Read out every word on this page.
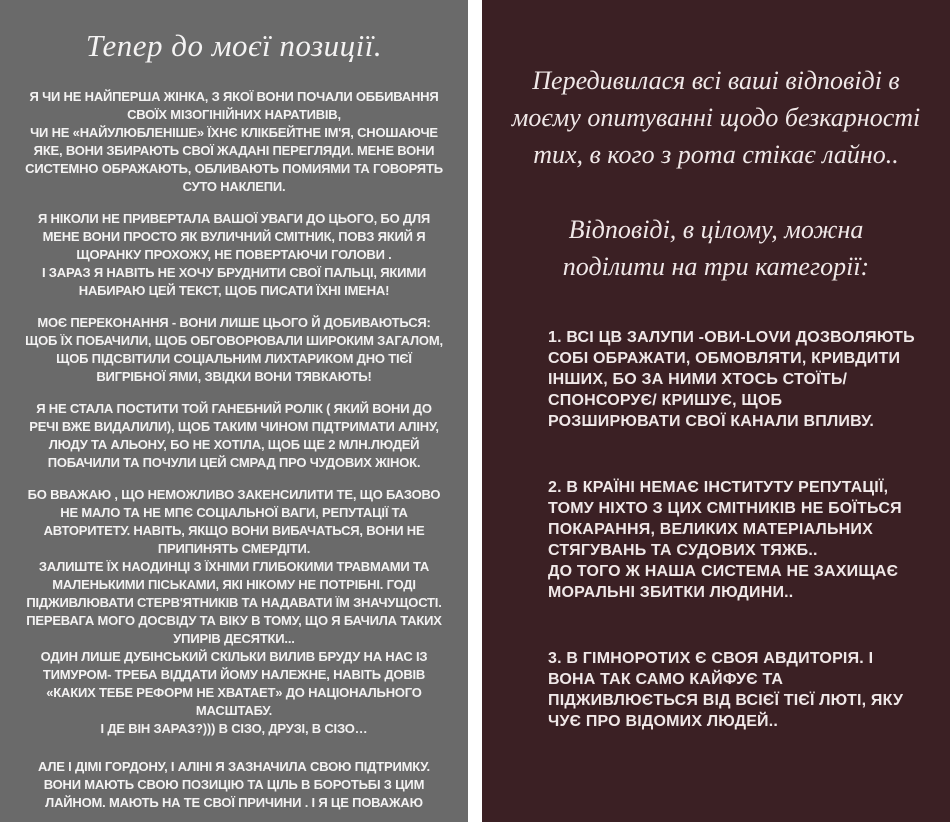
Тепер до моєї позиції.

Я ЧИ НЕ НАЙПЕРША ЖІНКА, З ЯКОЇ ВОНИ ПОЧАЛИ ОББИВАННЯ СВОЇХ МІЗОГІНІЙНИХ НАРАТИВІВ,
ЧИ НЕ «НАЙУЛЮБЛЕНІШЕ» ЇХНЄ КЛІКБЕЙТНЕ ІМ'Я, СНОШАЮЧЕ ЯКЕ, ВОНИ ЗБИРАЮТЬ СВОЇ ЖАДАНІ ПЕРЕГЛЯДИ. МЕНЕ ВОНИ СИСТЕМНО ОБРАЖАЮТЬ, ОБЛИВАЮТЬ ПОМИЯМИ ТА ГОВОРЯТЬ СУТО НАКЛЕПИ.

Я НІКОЛИ НЕ ПРИВЕРТАЛА ВАШОЇ УВАГИ ДО ЦЬОГО, БО ДЛЯ МЕНЕ ВОНИ ПРОСТО ЯК ВУЛИЧНИЙ СМІТНИК, ПОВЗ ЯКИЙ Я ЩОРАНКУ ПРОХОЖУ, НЕ ПОВЕРТАЮЧИ ГОЛОВИ .
І ЗАРАЗ Я НАВІТЬ НЕ ХОЧУ БРУДНИТИ СВОЇ ПАЛЬЦІ, ЯКИМИ НАБИРАЮ ЦЕЙ ТЕКСТ, ЩОБ ПИСАТИ ЇХНІ ІМЕНА!

МОЄ ПЕРЕКОНАННЯ - ВОНИ ЛИШЕ ЦЬОГО Й ДОБИВАЮТЬСЯ: ЩОБ ЇХ ПОБАЧИЛИ, ЩОБ ОБГОВОРЮВАЛИ ШИРОКИМ ЗАГАЛОМ, ЩОБ ПІДСВІТИЛИ СОЦІАЛЬНИМ ЛИХТАРИКОМ ДНО ТІЄЇ ВИГРІБНОЇ ЯМИ, ЗВІДКИ ВОНИ ТЯВКАЮТЬ!

Я НЕ СТАЛА ПОСТИТИ ТОЙ ГАНЕБНИЙ РОЛІК ( ЯКИЙ ВОНИ ДО РЕЧІ ВЖЕ ВИДАЛИЛИ), ЩОБ ТАКИМ ЧИНОМ ПІДТРИМАТИ АЛІНУ, ЛЮДУ ТА АЛЬОНУ, БО НЕ ХОТІЛА, ЩОБ ЩЕ 2 МЛН.ЛЮДЕЙ ПОБАЧИЛИ ТА ПОЧУЛИ ЦЕЙ СМРАД ПРО ЧУДОВИХ ЖІНОК.

БО ВВАЖАЮ , ЩО НЕМОЖЛИВО ЗАКЕНСИЛИТИ ТЕ, ЩО БАЗОВО НЕ МАЛО ТА НЕ МПЄ СОЦІАЛЬНОЇ ВАГИ, РЕПУТАЦІЇ ТА АВТОРИТЕТУ. НАВІТЬ, ЯКЩО ВОНИ ВИБАЧАТЬСЯ, ВОНИ НЕ ПРИПИНЯТЬ СМЕРДІТИ.
ЗАЛИШТЕ ЇХ НАОДИНЦІ З ЇХНІМИ ГЛИБОКИМИ ТРАВМАМИ ТА МАЛЕНЬКИМИ ПІСЬКАМИ, ЯКІ НІКОМУ НЕ ПОТРІБНІ. ГОДІ ПІДЖИВЛЮВАТИ СТЕРВ'ЯТНИКІВ ТА НАДАВАТИ ЇМ ЗНАЧУЩОСТІ.
ПЕРЕВАГА МОГО ДОСВІДУ ТА ВІКУ В ТОМУ, ЩО Я БАЧИЛА ТАКИХ УПИРІВ ДЕСЯТКИ...
ОДИН ЛИШЕ ДУБІНСЬКИЙ СКІЛЬКИ ВИЛИВ БРУДУ НА НАС ІЗ ТИМУРОМ- ТРЕБА ВІДДАТИ ЙОМУ НАЛЕЖНЕ, НАВІТЬ ДОВІВ «КАКИХ ТЕБЕ РЕФОРМ НЕ ХВАТАЕТ» ДО НАЦІОНАЛЬНОГО МАСШТАБУ.
І ДЕ ВІН ЗАРАЗ?))) В СІЗО, ДРУЗІ, В СІЗО…

АЛЕ І ДІМІ ГОРДОНУ, І АЛІНІ Я ЗАЗНАЧИЛА СВОЮ ПІДТРИМКУ. ВОНИ МАЮТЬ СВОЮ ПОЗИЦІЮ ТА ЦІЛЬ В БОРОТЬБІ З ЦИМ ЛАЙНОМ. МАЮТЬ НА ТЕ СВОЇ ПРИЧИНИ . І Я ЦЕ ПОВАЖАЮ

Передивилася всі ваші відповіді в моєму опитуванні щодо безкарності тих, в кого з рота стікає лайно..

Відповіді, в цілому, можна поділити на три категорії:

1. ВСІ ЦВ ЗАЛУПИ -ОВИ-LOVИ ДОЗВОЛЯЮТЬ СОБІ ОБРАЖАТИ, ОБМОВЛЯТИ, КРИВДИТИ ІНШИХ, БО ЗА НИМИ ХТОСЬ СТОЇТЬ/ СПОНСОРУЄ/ КРИШУЄ, ЩОБ РОЗШИРЮВАТИ СВОЇ КАНАЛИ ВПЛИВУ.

2. В КРАЇНІ НЕМАЄ ІНСТИТУТУ РЕПУТАЦІЇ, ТОМУ НІХТО З ЦИХ СМІТНИКІВ НЕ БОЇТЬСЯ ПОКАРАННЯ, ВЕЛИКИХ МАТЕРІАЛЬНИХ СТЯГУВАНЬ ТА СУДОВИХ ТЯЖБ..
ДО ТОГО Ж НАША СИСТЕМА НЕ ЗАХИЩАЄ МОРАЛЬНІ ЗБИТКИ ЛЮДИНИ..

3. В ГІМНОРОТИХ Є СВОЯ АВДИТОРІЯ. І ВОНА ТАК САМО КАЙФУЄ ТА ПІДЖИВЛЮЄТЬСЯ ВІД ВСІЄЇ ТІЄЇ ЛЮТІ, ЯКУ ЧУЄ ПРО ВІДОМИХ ЛЮДЕЙ..
